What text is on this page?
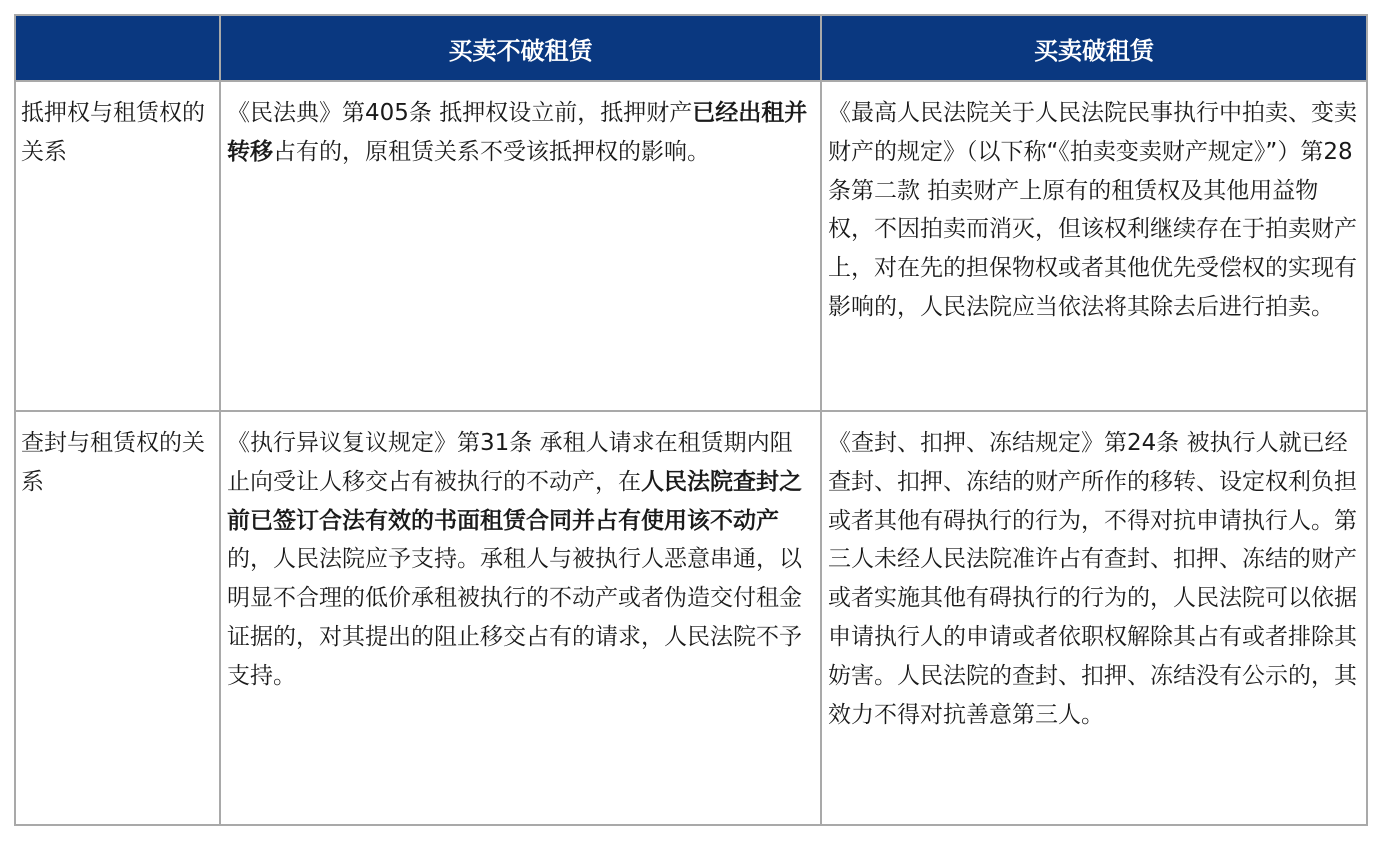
	买卖不破租赁	买卖破租赁
抵押权与租赁权的关系	《民法典》第405条 抵押权设立前，抵押财产已经出租并转移占有的，原租赁关系不受该抵押权的影响。	《最高人民法院关于人民法院民事执行中拍卖、变卖财产的规定》（以下称“《拍卖变卖财产规定》”）第28条第二款 拍卖财产上原有的租赁权及其他用益物权，不因拍卖而消灭，但该权利继续存在于拍卖财产上，对在先的担保物权或者其他优先受偿权的实现有影响的，人民法院应当依法将其除去后进行拍卖。
查封与租赁权的关系	《执行异议复议规定》第31条 承租人请求在租赁期内阻止向受让人移交占有被执行的不动产，在人民法院查封之前已签订合法有效的书面租赁合同并占有使用该不动产的，人民法院应予支持。承租人与被执行人恶意串通，以明显不合理的低价承租被执行的不动产或者伪造交付租金证据的，对其提出的阻止移交占有的请求，人民法院不予支持。	《查封、扣押、冻结规定》第24条 被执行人就已经查封、扣押、冻结的财产所作的移转、设定权利负担或者其他有碍执行的行为，不得对抗申请执行人。第三人未经人民法院准许占有查封、扣押、冻结的财产或者实施其他有碍执行的行为的，人民法院可以依据申请执行人的申请或者依职权解除其占有或者排除其妨害。人民法院的查封、扣押、冻结没有公示的，其效力不得对抗善意第三人。
